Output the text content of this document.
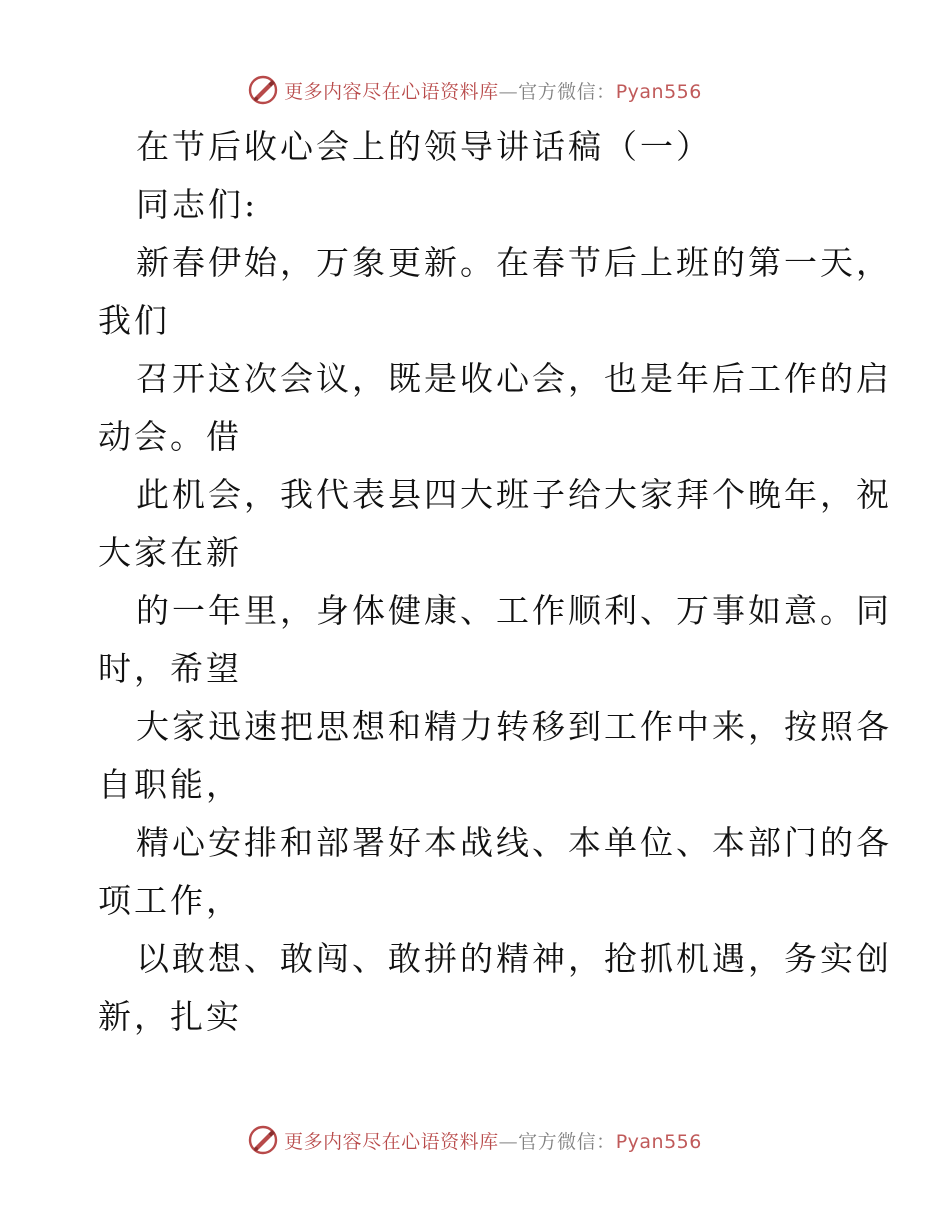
更多内容尽在心语资料库—官方微信：Pyan556
在节后收心会上的领导讲话稿（一）
同志们:
新春伊始，万象更新。在春节后上班的第一天，
我们
召开这次会议，既是收心会，也是年后工作的启
动会。借
此机会，我代表县四大班子给大家拜个晚年，祝
大家在新
的一年里，身体健康、工作顺利、万事如意。同
时，希望
大家迅速把思想和精力转移到工作中来，按照各
自职能，
精心安排和部署好本战线、本单位、本部门的各
项工作，
以敢想、敢闯、敢拼的精神，抢抓机遇，务实创
新，扎实
更多内容尽在心语资料库—官方微信：Pyan556
